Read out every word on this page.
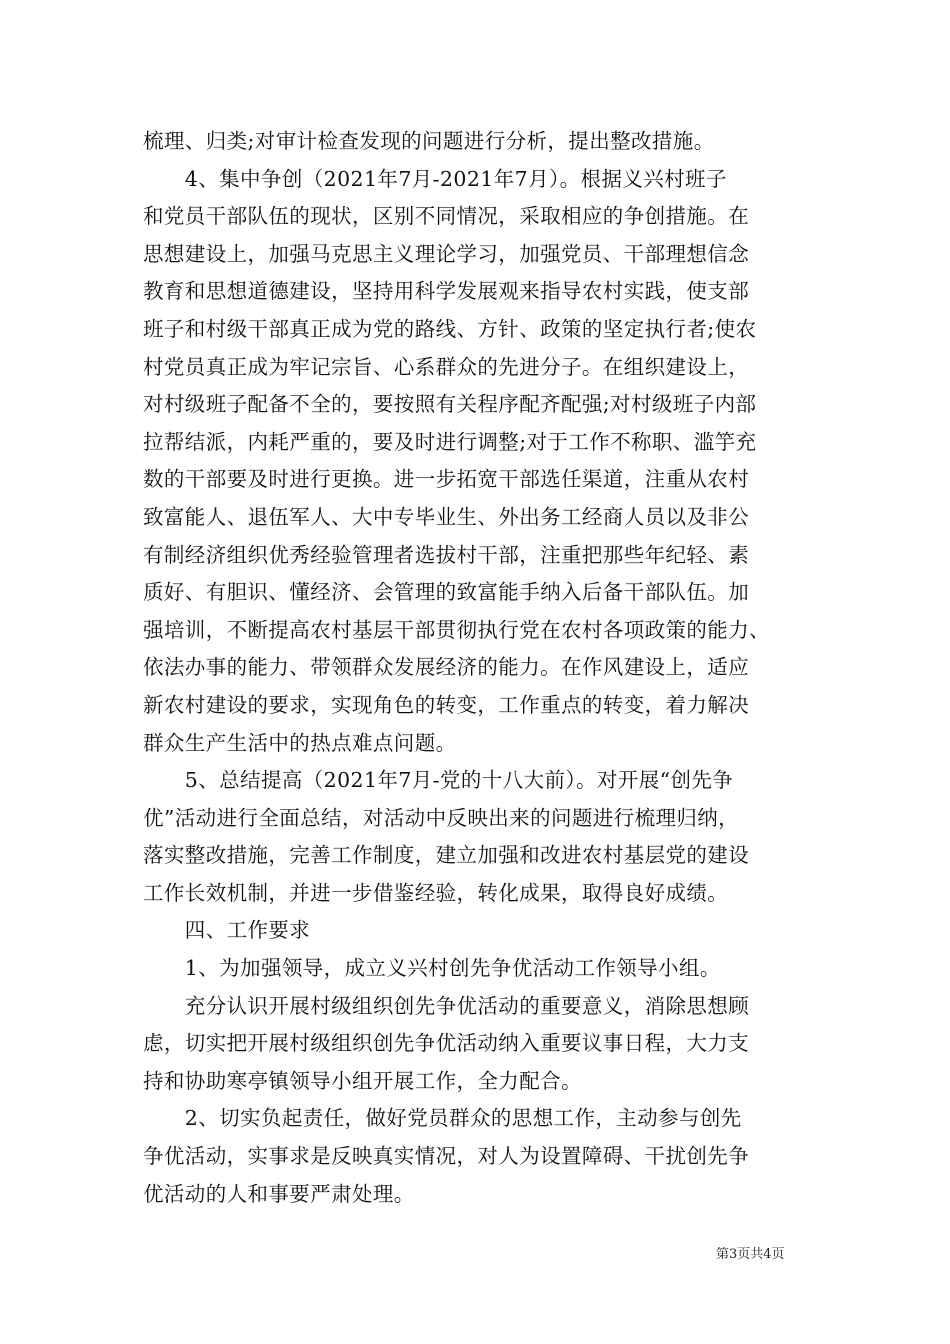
梳理、归类;对审计检查发现的问题进行分析，提出整改措施。
　　4、集中争创（2021年7月-2021年7月）。根据义兴村班子
和党员干部队伍的现状，区别不同情况，采取相应的争创措施。在
思想建设上，加强马克思主义理论学习，加强党员、干部理想信念
教育和思想道德建设，坚持用科学发展观来指导农村实践，使支部
班子和村级干部真正成为党的路线、方针、政策的坚定执行者;使农
村党员真正成为牢记宗旨、心系群众的先进分子。在组织建设上，
对村级班子配备不全的，要按照有关程序配齐配强;对村级班子内部
拉帮结派，内耗严重的，要及时进行调整;对于工作不称职、滥竽充
数的干部要及时进行更换。进一步拓宽干部选任渠道，注重从农村
致富能人、退伍军人、大中专毕业生、外出务工经商人员以及非公
有制经济组织优秀经验管理者选拔村干部，注重把那些年纪轻、素
质好、有胆识、懂经济、会管理的致富能手纳入后备干部队伍。加
强培训，不断提高农村基层干部贯彻执行党在农村各项政策的能力、
依法办事的能力、带领群众发展经济的能力。在作风建设上，适应
新农村建设的要求，实现角色的转变，工作重点的转变，着力解决
群众生产生活中的热点难点问题。
　　5、总结提高（2021年7月-党的十八大前）。对开展“创先争
优”活动进行全面总结，对活动中反映出来的问题进行梳理归纳，
落实整改措施，完善工作制度，建立加强和改进农村基层党的建设
工作长效机制，并进一步借鉴经验，转化成果，取得良好成绩。
　　四、工作要求
　　1、为加强领导，成立义兴村创先争优活动工作领导小组。
　　充分认识开展村级组织创先争优活动的重要意义，消除思想顾
虑，切实把开展村级组织创先争优活动纳入重要议事日程，大力支
持和协助寒亭镇领导小组开展工作，全力配合。
　　2、切实负起责任，做好党员群众的思想工作，主动参与创先
争优活动，实事求是反映真实情况，对人为设置障碍、干扰创先争
优活动的人和事要严肃处理。
第3页共4页
